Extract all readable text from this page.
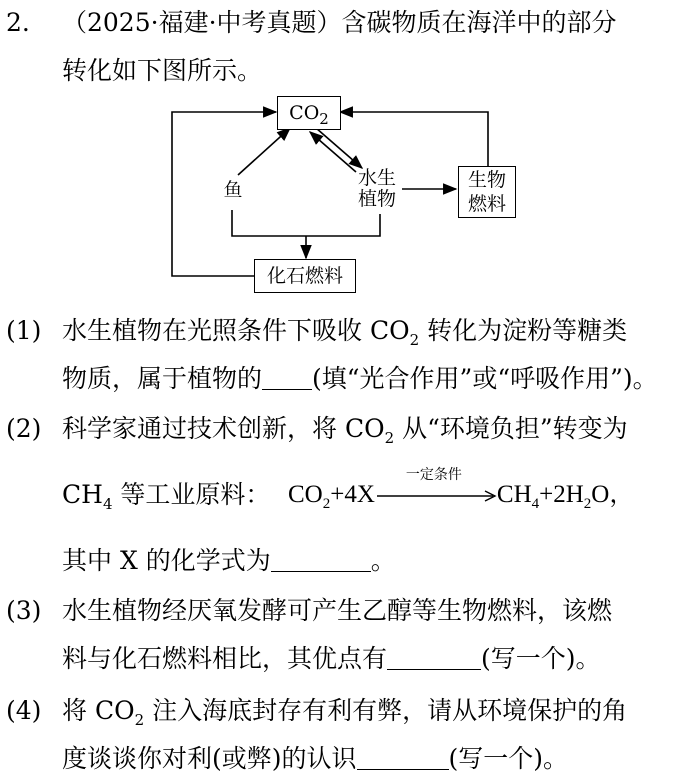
2. （2025·福建·中考真题）含碳物质在海洋中的部分
转化如下图所示。
$CO_2$
鱼
水生
植物
生物
燃料
化石燃料
(1) 水生植物在光照条件下吸收 $CO_2$ 转化为淀粉等糖类
物质，属于植物的 (填“光合作用”或“呼吸作用”)。
(2) 科学家通过技术创新，将 $CO_2$ 从“环境负担”转变为
$CH_4$ 等工业原料： $CO_2+4X$
一定条件
$CH_4+2H_2O$，
其中 X 的化学式为	。
(3) 水生植物经厌氧发酵可产生乙醇等生物燃料，该燃
料与化石燃料相比，其优点有	(写一个)。
(4) 将 $CO_2$ 注入海底封存有利有弊，请从环境保护的角
度谈谈你对利(或弊)的认识	(写一个)。
